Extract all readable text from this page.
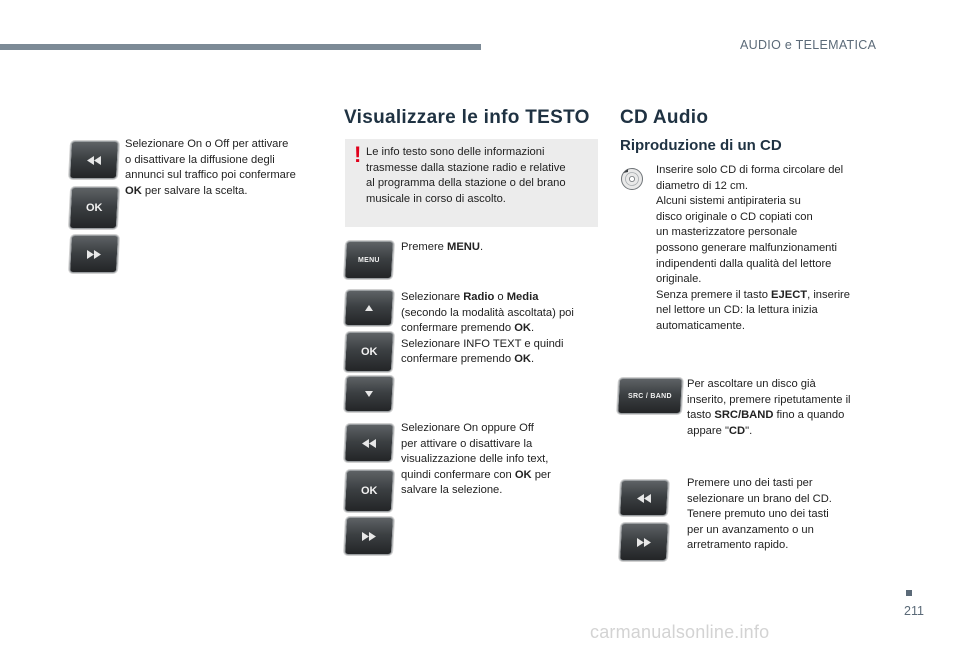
AUDIO e TELEMATICA
211
carmanualsonline.info
OK
Selezionare On o Off per attivare
o disattivare la diffusione degli
annunci sul traffico poi confermare
OK per salvare la scelta.
Visualizzare le info TESTO
! Le info testo sono delle informazioni
trasmesse dalla stazione radio e relative
al programma della stazione o del brano
musicale in corso di ascolto.
MENU
Premere MENU.
OK
Selezionare Radio o Media
(secondo la modalità ascoltata) poi
confermare premendo OK.
Selezionare INFO TEXT e quindi
confermare premendo OK.
OK
Selezionare On oppure Off
per attivare o disattivare la
visualizzazione delle info text,
quindi confermare con OK per
salvare la selezione.
CD Audio
Riproduzione di un CD
Inserire solo CD di forma circolare del
diametro di 12 cm.
Alcuni sistemi antipirateria su
disco originale o CD copiati con
un masterizzatore personale
possono generare malfunzionamenti
indipendenti dalla qualità del lettore
originale.
Senza premere il tasto EJECT, inserire
nel lettore un CD: la lettura inizia
automaticamente.
SRC / BAND
Per ascoltare un disco già
inserito, premere ripetutamente il
tasto SRC/BAND fino a quando
appare "CD".
Premere uno dei tasti per
selezionare un brano del CD.
Tenere premuto uno dei tasti
per un avanzamento o un
arretramento rapido.
